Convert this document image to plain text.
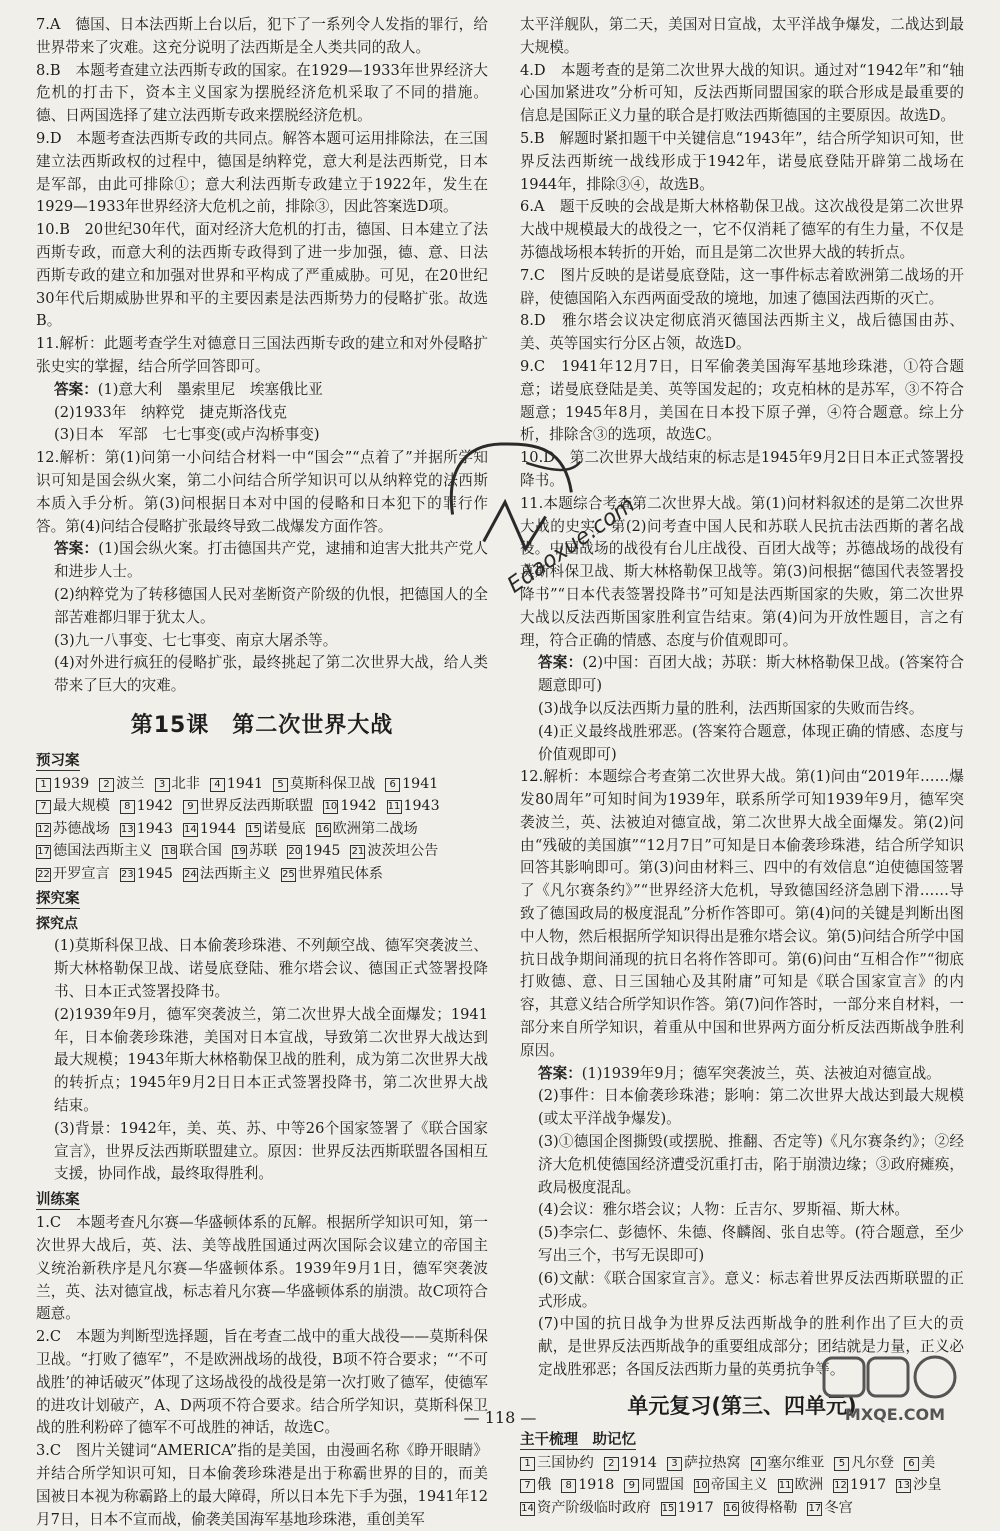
7.A　德国、日本法西斯上台以后，犯下了一系列令人发指的罪行，给世界带来了灾难。这充分说明了法西斯是全人类共同的敌人。

8.B　本题考查建立法西斯专政的国家。在1929—1933年世界经济大危机的打击下，资本主义国家为摆脱经济危机采取了不同的措施。德、日两国选择了建立法西斯专政来摆脱经济危机。

9.D　本题考查法西斯专政的共同点。解答本题可运用排除法，在三国建立法西斯政权的过程中，德国是纳粹党，意大利是法西斯党，日本是军部，由此可排除①；意大利法西斯专政建立于1922年，发生在1929—1933年世界经济大危机之前，排除③，因此答案选D项。

10.B　20世纪30年代，面对经济大危机的打击，德国、日本建立了法西斯专政，而意大利的法西斯专政得到了进一步加强，德、意、日法西斯专政的建立和加强对世界和平构成了严重威胁。可见，在20世纪30年代后期威胁世界和平的主要因素是法西斯势力的侵略扩张。故选B。

11.解析：此题考查学生对德意日三国法西斯专政的建立和对外侵略扩张史实的掌握，结合所学回答即可。

答案：(1)意大利　墨索里尼　埃塞俄比亚

(2)1933年　纳粹党　捷克斯洛伐克

(3)日本　军部　七七事变(或卢沟桥事变)

12.解析：第(1)问第一小问结合材料一中“国会”“点着了”并据所学知识可知是国会纵火案，第二小问结合所学知识可以从纳粹党的法西斯本质入手分析。第(3)问根据日本对中国的侵略和日本犯下的罪行作答。第(4)问结合侵略扩张最终导致二战爆发方面作答。

答案：(1)国会纵火案。打击德国共产党，逮捕和迫害大批共产党人和进步人士。

(2)纳粹党为了转移德国人民对垄断资产阶级的仇恨，把德国人的全部苦难都归罪于犹太人。

(3)九一八事变、七七事变、南京大屠杀等。

(4)对外进行疯狂的侵略扩张，最终挑起了第二次世界大战，给人类带来了巨大的灾难。

第15课　第二次世界大战
预习案
1 1939	2 波兰	3 北非	4 1941	5 莫斯科保卫战	6 1941
7 最大规模	8 1942	9 世界反法西斯联盟 10 1942 11 1943
12 苏德战场 13 1943 14 1944 15 诺曼底 16 欧洲第二战场
17 德国法西斯主义 18 联合国 19 苏联 20 1945 21 波茨坦公告
22 开罗宣言 23 1945 24 法西斯主义 25 世界殖民体系
探究案
探究点

(1)莫斯科保卫战、日本偷袭珍珠港、不列颠空战、德军突袭波兰、斯大林格勒保卫战、诺曼底登陆、雅尔塔会议、德国正式签署投降书、日本正式签署投降书。

(2)1939年9月，德军突袭波兰，第二次世界大战全面爆发；1941年，日本偷袭珍珠港，美国对日本宣战，导致第二次世界大战达到最大规模；1943年斯大林格勒保卫战的胜利，成为第二次世界大战的转折点；1945年9月2日日本正式签署投降书，第二次世界大战结束。

(3)背景：1942年，美、英、苏、中等26个国家签署了《联合国家宣言》，世界反法西斯联盟建立。原因：世界反法西斯联盟各国相互支援，协同作战，最终取得胜利。

训练案

1.C　本题考查凡尔赛—华盛顿体系的瓦解。根据所学知识可知，第一次世界大战后，英、法、美等战胜国通过两次国际会议建立的帝国主义统治新秩序是凡尔赛—华盛顿体系。1939年9月1日，德军突袭波兰，英、法对德宣战，标志着凡尔赛—华盛顿体系的崩溃。故C项符合题意。

2.C　本题为判断型选择题，旨在考查二战中的重大战役——莫斯科保卫战。“打败了德军”，不是欧洲战场的战役，B项不符合要求；“‘不可战胜’的神话破灭”体现了这场战役的战役是第一次打败了德军，使德军的进攻计划破产，A、D两项不符合要求。结合所学知识，莫斯科保卫战的胜利粉碎了德军不可战胜的神话，故选C。

3.C　图片关键词“AMERICA”指的是美国，由漫画名称《睁开眼睛》并结合所学知识可知，日本偷袭珍珠港是出于称霸世界的目的，而美国被日本视为称霸路上的最大障碍，所以日本先下手为强，1941年12月7日，日本不宣而战，偷袭美国海军基地珍珠港，重创美军

太平洋舰队，第二天，美国对日宣战，太平洋战争爆发，二战达到最大规模。

4.D　本题考查的是第二次世界大战的知识。通过对“1942年”和“轴心国加紧进攻”分析可知，反法西斯同盟国家的联合形成是最重要的信息是国际正义力量的联合是打败法西斯德国的主要原因。故选D。

5.B　解题时紧扣题干中关键信息“1943年”，结合所学知识可知，世界反法西斯统一战线形成于1942年，诺曼底登陆开辟第二战场在1944年，排除③④，故选B。

6.A　题干反映的会战是斯大林格勒保卫战。这次战役是第二次世界大战中规模最大的战役之一，它不仅消耗了德军的有生力量，不仅是苏德战场根本转折的开始，而且是第二次世界大战的转折点。

7.C　图片反映的是诺曼底登陆，这一事件标志着欧洲第二战场的开辟，使德国陷入东西两面受敌的境地，加速了德国法西斯的灭亡。

8.D　雅尔塔会议决定彻底消灭德国法西斯主义，战后德国由苏、美、英等国实行分区占领，故选D。

9.C　1941年12月7日，日军偷袭美国海军基地珍珠港，①符合题意；诺曼底登陆是美、英等国发起的；攻克柏林的是苏军，③不符合题意；1945年8月，美国在日本投下原子弹，④符合题意。综上分析，排除含③的选项，故选C。

10.D　第二次世界大战结束的标志是1945年9月2日日本正式签署投降书。

11.本题综合考查第二次世界大战。第(1)问材料叙述的是第二次世界大战的史实，第(2)问考查中国人民和苏联人民抗击法西斯的著名战役。中国战场的战役有台儿庄战役、百团大战等；苏德战场的战役有莫斯科保卫战、斯大林格勒保卫战等。第(3)问根据“德国代表签署投降书”“日本代表签署投降书”可知是法西斯国家的失败，第二次世界大战以反法西斯国家胜利宣告结束。第(4)问为开放性题目，言之有理，符合正确的情感、态度与价值观即可。

答案：(2)中国：百团大战；苏联：斯大林格勒保卫战。(答案符合题意即可)

(3)战争以反法西斯力量的胜利，法西斯国家的失败而告终。

(4)正义最终战胜邪恶。(答案符合题意，体现正确的情感、态度与价值观即可)

12.解析：本题综合考查第二次世界大战。第(1)问由“2019年……爆发80周年”可知时间为1939年，联系所学可知1939年9月，德军突袭波兰，英、法被迫对德宣战，第二次世界大战全面爆发。第(2)问由“残破的美国旗”“12月7日”可知是日本偷袭珍珠港，结合所学知识回答其影响即可。第(3)问由材料三、四中的有效信息“迫使德国签署了《凡尔赛条约》”“世界经济大危机，导致德国经济急剧下滑……导致了德国政局的极度混乱”分析作答即可。第(4)问的关键是判断出图中人物，然后根据所学知识得出是雅尔塔会议。第(5)问结合所学中国抗日战争期间涌现的抗日名将作答即可。第(6)问由“互相合作”“彻底打败德、意、日三国轴心及其附庸”可知是《联合国家宣言》的内容，其意义结合所学知识作答。第(7)问作答时，一部分来自材料，一部分来自所学知识，着重从中国和世界两方面分析反法西斯战争胜利原因。

答案：(1)1939年9月；德军突袭波兰，英、法被迫对德宣战。

(2)事件：日本偷袭珍珠港；影响：第二次世界大战达到最大规模(或太平洋战争爆发)。

(3)①德国企图撕毁(或摆脱、推翻、否定等)《凡尔赛条约》；②经济大危机使德国经济遭受沉重打击，陷于崩溃边缘；③政府瘫痪，政局极度混乱。

(4)会议：雅尔塔会议；人物：丘吉尔、罗斯福、斯大林。

(5)李宗仁、彭德怀、朱德、佟麟阁、张自忠等。(符合题意，至少写出三个，书写无误即可)

(6)文献：《联合国家宣言》。意义：标志着世界反法西斯联盟的正式形成。

(7)中国的抗日战争为世界反法西斯战争的胜利作出了巨大的贡献，是世界反法西斯战争的重要组成部分；团结就是力量，正义必定战胜邪恶；各国反法西斯力量的英勇抗争等。

单元复习(第三、四单元)
主干梳理　助记忆
1 三国协约	2 1914	3 萨拉热窝	4 塞尔维亚	5 凡尔登	6 美
7 俄	8 1918	9 同盟国 10 帝国主义 11 欧洲 12 1917 13 沙皇
14 资产阶级临时政府 15 1917 16 彼得格勒 17 冬宫
Edaoxue.com
MXQE.COM
— 118 —
